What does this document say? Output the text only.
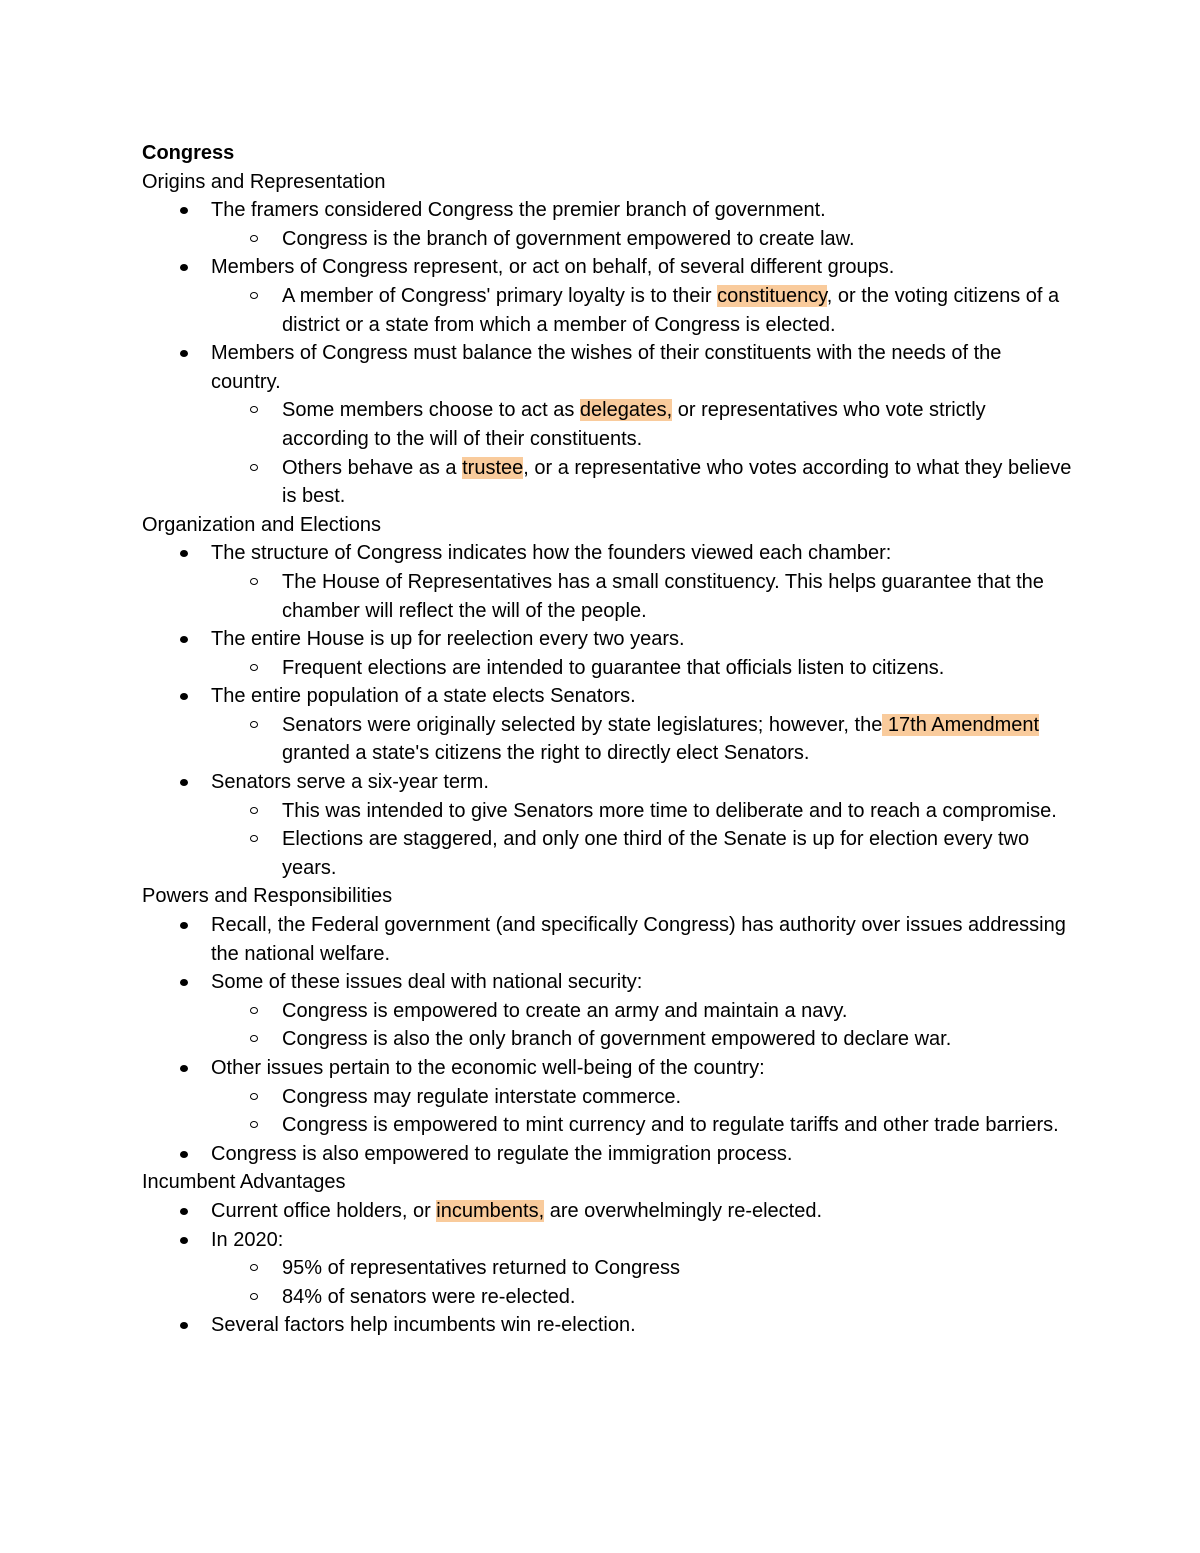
Congress
Origins and Representation
The framers considered Congress the premier branch of government.
Congress is the branch of government empowered to create law.
Members of Congress represent, or act on behalf, of several different groups.
A member of Congress' primary loyalty is to their constituency, or the voting citizens of a district or a state from which a member of Congress is elected.
Members of Congress must balance the wishes of their constituents with the needs of the country.
Some members choose to act as delegates, or representatives who vote strictly according to the will of their constituents.
Others behave as a trustee, or a representative who votes according to what they believe is best.
Organization and Elections
The structure of Congress indicates how the founders viewed each chamber:
The House of Representatives has a small constituency. This helps guarantee that the chamber will reflect the will of the people.
The entire House is up for reelection every two years.
Frequent elections are intended to guarantee that officials listen to citizens.
The entire population of a state elects Senators.
Senators were originally selected by state legislatures; however, the 17th Amendment granted a state's citizens the right to directly elect Senators.
Senators serve a six-year term.
This was intended to give Senators more time to deliberate and to reach a compromise.
Elections are staggered, and only one third of the Senate is up for election every two years.
Powers and Responsibilities
Recall, the Federal government (and specifically Congress) has authority over issues addressing the national welfare.
Some of these issues deal with national security:
Congress is empowered to create an army and maintain a navy.
Congress is also the only branch of government empowered to declare war.
Other issues pertain to the economic well-being of the country:
Congress may regulate interstate commerce.
Congress is empowered to mint currency and to regulate tariffs and other trade barriers.
Congress is also empowered to regulate the immigration process.
Incumbent Advantages
Current office holders, or incumbents, are overwhelmingly re-elected.
In 2020:
95% of representatives returned to Congress
84% of senators were re-elected.
Several factors help incumbents win re-election.
